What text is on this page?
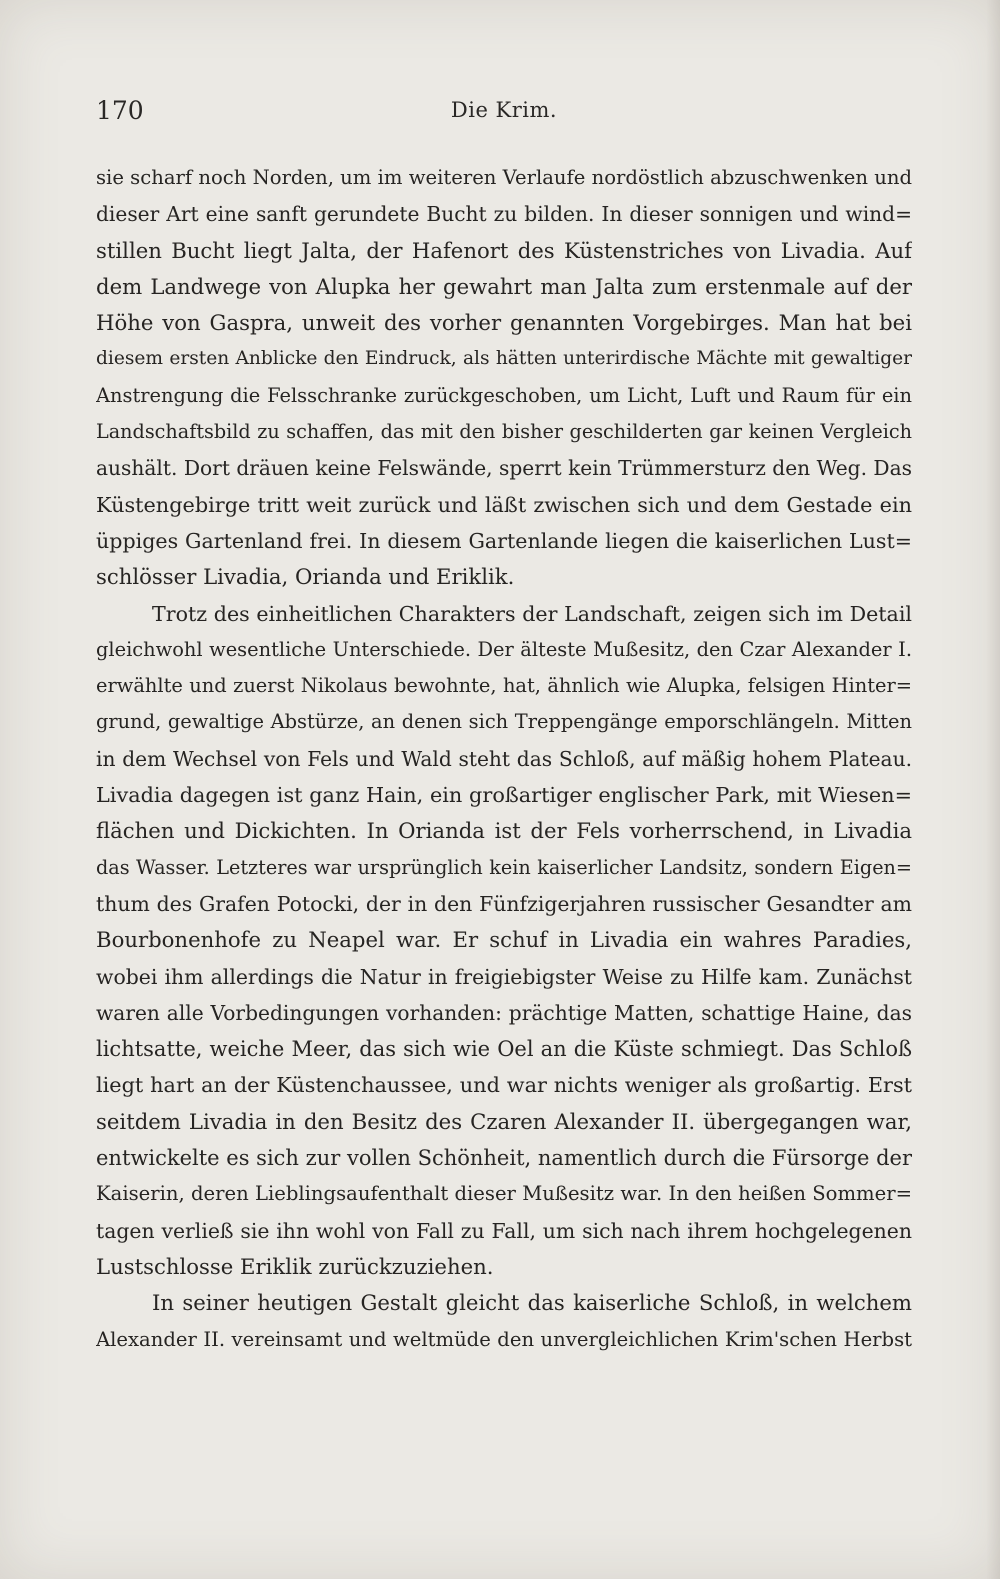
170	Die Krim.
sie scharf noch Norden, um im weiteren Verlaufe nordöstlich abzuschwenken und
dieser Art eine sanft gerundete Bucht zu bilden. In dieser sonnigen und wind=
stillen Bucht liegt Jalta, der Hafenort des Küstenstriches von Livadia. Auf
dem Landwege von Alupka her gewahrt man Jalta zum erstenmale auf der
Höhe von Gaspra, unweit des vorher genannten Vorgebirges. Man hat bei
diesem ersten Anblicke den Eindruck, als hätten unterirdische Mächte mit gewaltiger
Anstrengung die Felsschranke zurückgeschoben, um Licht, Luft und Raum für ein
Landschaftsbild zu schaffen, das mit den bisher geschilderten gar keinen Vergleich
aushält. Dort dräuen keine Felswände, sperrt kein Trümmersturz den Weg. Das
Küstengebirge tritt weit zurück und läßt zwischen sich und dem Gestade ein
üppiges Gartenland frei. In diesem Gartenlande liegen die kaiserlichen Lust=
schlösser Livadia, Orianda und Eriklik.
Trotz des einheitlichen Charakters der Landschaft, zeigen sich im Detail
gleichwohl wesentliche Unterschiede. Der älteste Mußesitz, den Czar Alexander I.
erwählte und zuerst Nikolaus bewohnte, hat, ähnlich wie Alupka, felsigen Hinter=
grund, gewaltige Abstürze, an denen sich Treppengänge emporschlängeln. Mitten
in dem Wechsel von Fels und Wald steht das Schloß, auf mäßig hohem Plateau.
Livadia dagegen ist ganz Hain, ein großartiger englischer Park, mit Wiesen=
flächen und Dickichten. In Orianda ist der Fels vorherrschend, in Livadia
das Wasser. Letzteres war ursprünglich kein kaiserlicher Landsitz, sondern Eigen=
thum des Grafen Potocki, der in den Fünfzigerjahren russischer Gesandter am
Bourbonenhofe zu Neapel war. Er schuf in Livadia ein wahres Paradies,
wobei ihm allerdings die Natur in freigiebigster Weise zu Hilfe kam. Zunächst
waren alle Vorbedingungen vorhanden: prächtige Matten, schattige Haine, das
lichtsatte, weiche Meer, das sich wie Oel an die Küste schmiegt. Das Schloß
liegt hart an der Küstenchaussee, und war nichts weniger als großartig. Erst
seitdem Livadia in den Besitz des Czaren Alexander II. übergegangen war,
entwickelte es sich zur vollen Schönheit, namentlich durch die Fürsorge der
Kaiserin, deren Lieblingsaufenthalt dieser Mußesitz war. In den heißen Sommer=
tagen verließ sie ihn wohl von Fall zu Fall, um sich nach ihrem hochgelegenen
Lustschlosse Eriklik zurückzuziehen.
In seiner heutigen Gestalt gleicht das kaiserliche Schloß, in welchem
Alexander II. vereinsamt und weltmüde den unvergleichlichen Krim'schen Herbst
